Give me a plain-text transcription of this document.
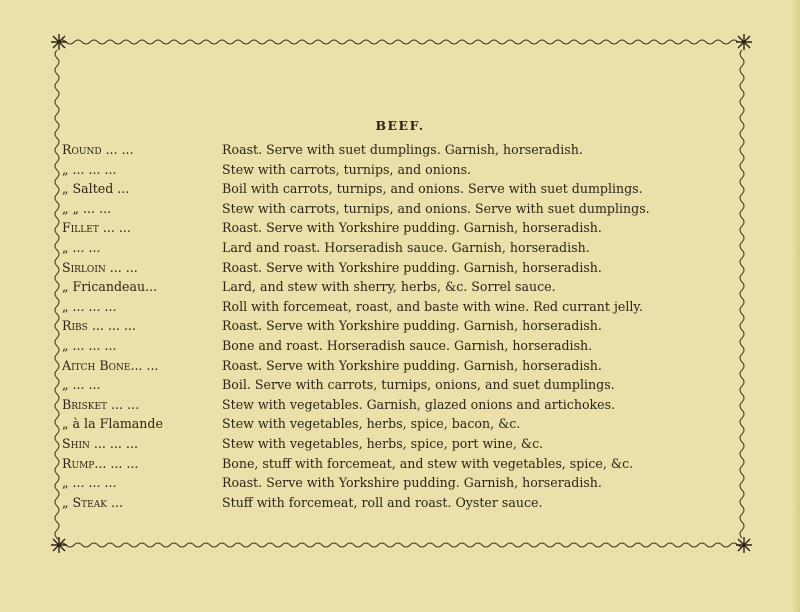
BEEF.
Round ... ...	Roast. Serve with suet dumplings. Garnish, horseradish.
„ ... ... ...	Stew with carrots, turnips, and onions.
„ Salted ...	Boil with carrots, turnips, and onions. Serve with suet dumplings.
„ „ ... ...	Stew with carrots, turnips, and onions. Serve with suet dumplings.
Fillet ... ...	Roast. Serve with Yorkshire pudding. Garnish, horseradish.
„ ... ...	Lard and roast. Horseradish sauce. Garnish, horseradish.
Sirloin ... ...	Roast. Serve with Yorkshire pudding. Garnish, horseradish.
„ Fricandeau...	Lard, and stew with sherry, herbs, &c. Sorrel sauce.
„ ... ... ...	Roll with forcemeat, roast, and baste with wine. Red currant jelly.
Ribs ... ... ...	Roast. Serve with Yorkshire pudding. Garnish, horseradish.
„ ... ... ...	Bone and roast. Horseradish sauce. Garnish, horseradish.
Aitch Bone... ...	Roast. Serve with Yorkshire pudding. Garnish, horseradish.
„ ... ...	Boil. Serve with carrots, turnips, onions, and suet dumplings.
Brisket ... ...	Stew with vegetables. Garnish, glazed onions and artichokes.
„ à la Flamande	Stew with vegetables, herbs, spice, bacon, &c.
Shin ... ... ...	Stew with vegetables, herbs, spice, port wine, &c.
Rump... ... ...	Bone, stuff with forcemeat, and stew with vegetables, spice, &c.
„ ... ... ...	Roast. Serve with Yorkshire pudding. Garnish, horseradish.
„ Steak ...	Stuff with forcemeat, roll and roast. Oyster sauce.
